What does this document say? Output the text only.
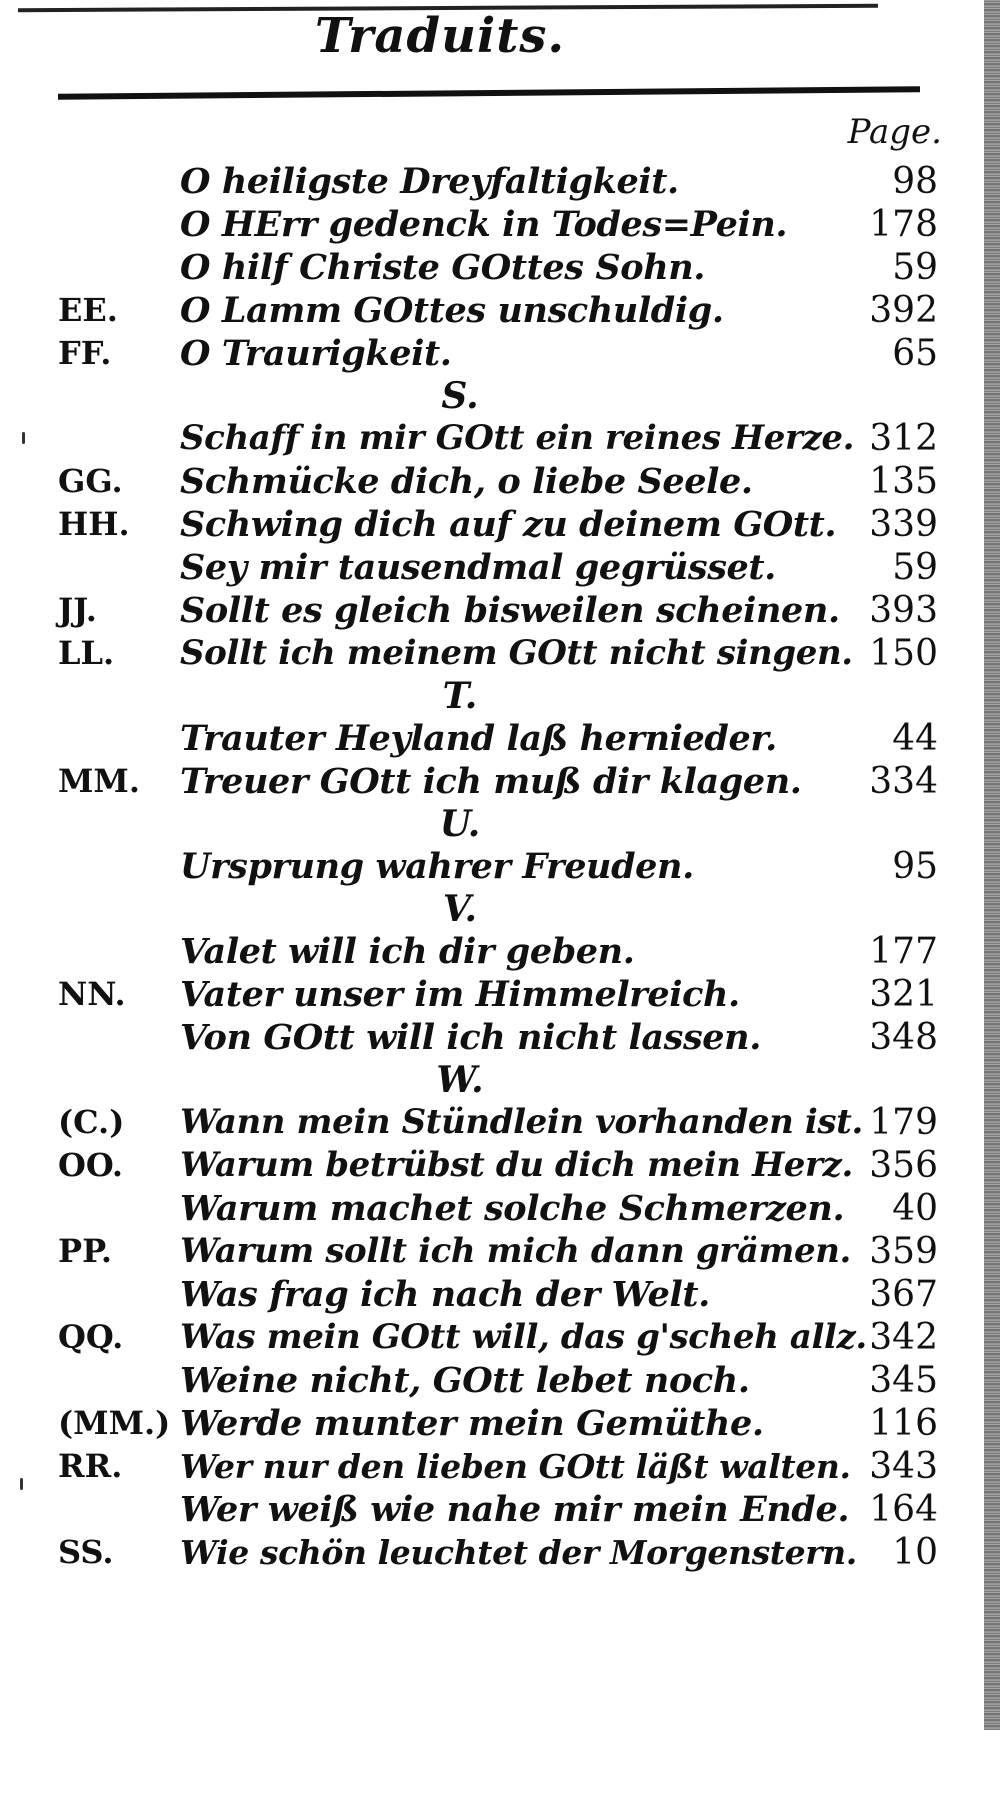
Traduits.
Page.
O heiligste Dreyfaltigkeit.	98
O HErr gedenck in Todes=Pein. 178
O hilf Christe GOttes Sohn.	59
EE. O Lamm GOttes unschuldig.	392
FF. O Traurigkeit.	65
S.
Schaff in mir GOtt ein reines Herze. 312
GG. Schmücke dich, o liebe Seele.	135
HH. Schwing dich auf zu deinem GOtt. 339
Sey mir tausendmal gegrüsset.	59
JJ. Sollt es gleich bisweilen scheinen. 393
LL. Sollt ich meinem GOtt nicht singen. 150
T.
Trauter Heyland laß hernieder.	44
MM. Treuer GOtt ich muß dir klagen. 334
U.
Ursprung wahrer Freuden.	95
V.
Valet will ich dir geben.	177
NN. Vater unser im Himmelreich.	321
Von GOtt will ich nicht lassen.	348
W.
(C.) Wann mein Stündlein vorhanden ist. 179
OO. Warum betrübst du dich mein Herz. 356
Warum machet solche Schmerzen. 40
PP. Warum sollt ich mich dann grämen. 359
Was frag ich nach der Welt.	367
QQ. Was mein GOtt will, das g'scheh allz. 342
Weine nicht, GOtt lebet noch.	345
(MM.) Werde munter mein Gemüthe.	116
RR. Wer nur den lieben GOtt läßt walten. 343
Wer weiß wie nahe mir mein Ende. 164
SS. Wie schön leuchtet der Morgenstern. 10
